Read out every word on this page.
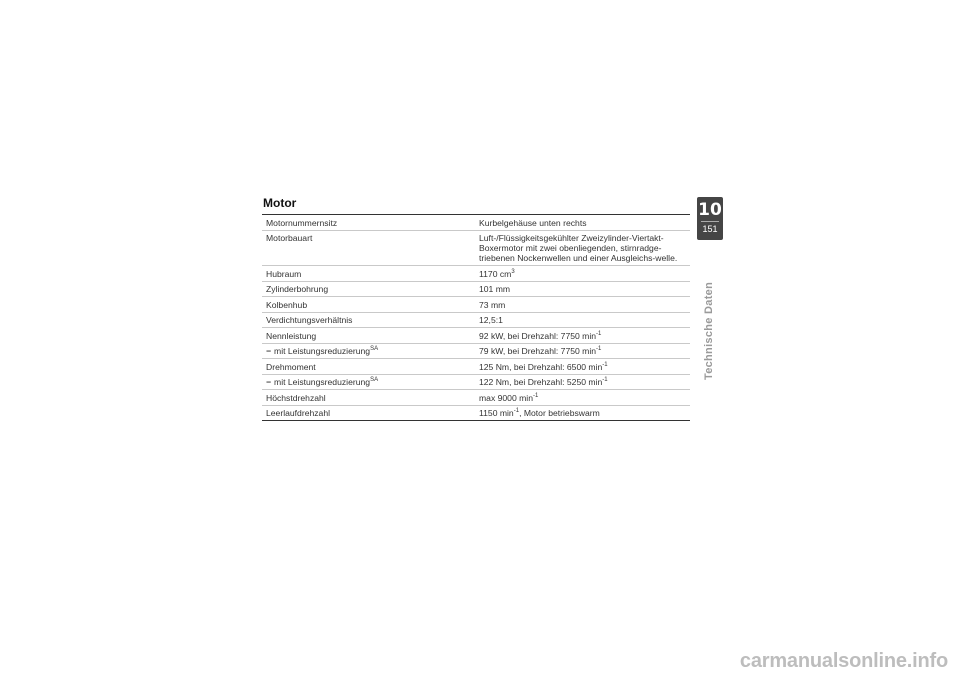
Motor
Motornummernsitz	Kurbelgehäuse unten rechts
Motorbauart	Luft-/Flüssigkeitsgekühlter Zweizylinder-Viertakt-Boxermotor mit zwei obenliegenden, stirnradge-triebenen Nockenwellen und einer Ausgleichs-welle.
Hubraum	1170 $cm^3$
Zylinderbohrung	101 mm
Kolbenhub	73 mm
Verdichtungsverhältnis	12,5:1
Nennleistung	92 kW, bei Drehzahl: 7750 $\min^{-1}$
− mit Leistungsreduzierung$^{SA}$	79 kW, bei Drehzahl: 7750 $\min^{-1}$
Drehmoment	125 Nm, bei Drehzahl: 6500 $\min^{-1}$
− mit Leistungsreduzierung$^{SA}$	122 Nm, bei Drehzahl: 5250 $\min^{-1}$
Höchstdrehzahl	max 9000 $\min^{-1}$
Leerlaufdrehzahl	1150 $\min^{-1}$, Motor betriebswarm
10
151
Technische Daten
carmanualsonline.info
